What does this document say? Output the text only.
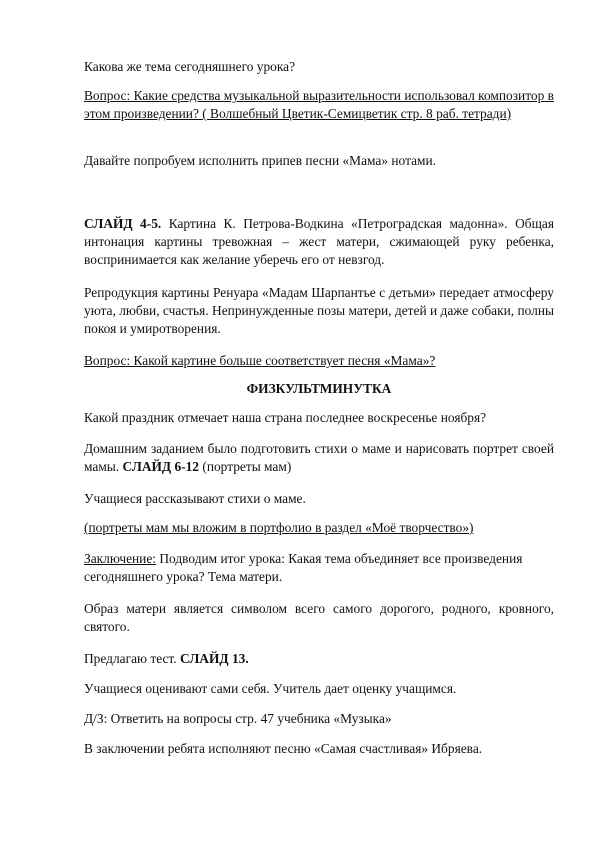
Какова же тема сегодняшнего урока?

Вопрос: Какие средства музыкальной выразительности использовал композитор в этом произведении? ( Волшебный Цветик-Семицветик стр. 8 раб. тетради)

Давайте попробуем исполнить припев песни «Мама» нотами.

СЛАЙД 4-5. Картина К. Петрова-Водкина «Петроградская мадонна». Общая интонация картины тревожная – жест матери, сжимающей руку ребенка, воспринимается как желание уберечь его от невзгод.

Репродукция картины Ренуара «Мадам Шарпантье с детьми» передает атмосферу уюта, любви, счастья. Непринужденные позы матери, детей и даже собаки, полны покоя и умиротворения.

Вопрос: Какой картине больше соответствует песня «Мама»?

ФИЗКУЛЬТМИНУТКА

Какой праздник отмечает наша страна последнее воскресенье ноября?

Домашним заданием было подготовить стихи о маме и нарисовать портрет своей мамы. СЛАЙД 6-12 (портреты мам)

Учащиеся рассказывают стихи о маме.

(портреты мам мы вложим в портфолио в раздел «Моё творчество»)

Заключение: Подводим итог урока: Какая тема объединяет все произведения сегодняшнего урока? Тема матери.

Образ матери является символом всего самого дорогого, родного, кровного, святого.

Предлагаю тест. СЛАЙД 13.

Учащиеся оценивают сами себя. Учитель дает оценку учащимся.

Д/З: Ответить на вопросы стр. 47 учебника «Музыка»

В заключении ребята исполняют песню «Самая счастливая» Ибряева.
